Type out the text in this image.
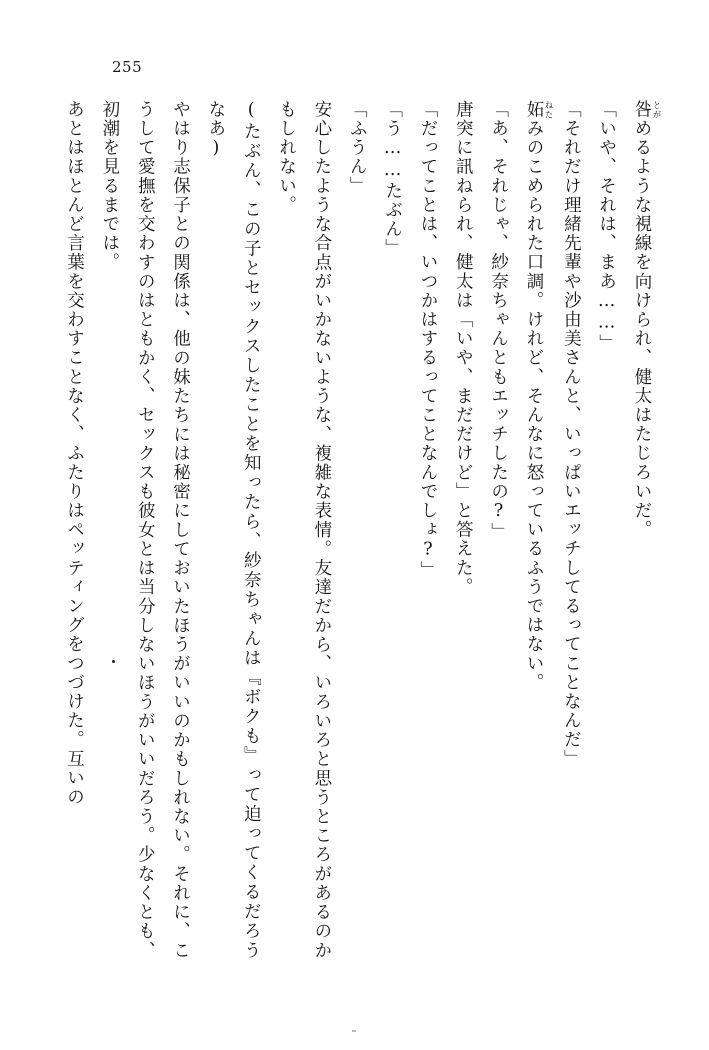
255

咎 とがめるような視線を向けられ、健太はたじろいだ。

「いや、それは、まあ……」

「それだけ理緒先輩や沙由美さんと、いっぱいエッチしてるってことなんだ」

妬 ねたみのこめられた口調。けれど、そんなに怒っているふうではない。

「あ、それじゃ、紗奈ちゃんともエッチしたの?」

唐突に訊ねられ、健太は「いや、まだだけど」と答えた。

「だってことは、いつかはするってことなんでしょ?」

「う……たぶん」

「ふうん」

安心したような合点がいかないような、複雑な表情。友達だから、いろいろと思うところがあるのかもしれない。

(たぶん、この子とセックスしたことを知ったら、紗奈ちゃんは『ボクも』って迫ってくるだろうなあ)

やはり志保子との関係は、他の妹たちには秘密にしておいたほうがいいのかもしれない。それに、こうして愛撫を交わすのはともかく、セックスも彼女とは当分しないほうがいいだろう。少なくとも、初潮を見るまでは。

あとはほとんど言葉を交わすことなく、ふたりはペッティングをつづけた。互いの
